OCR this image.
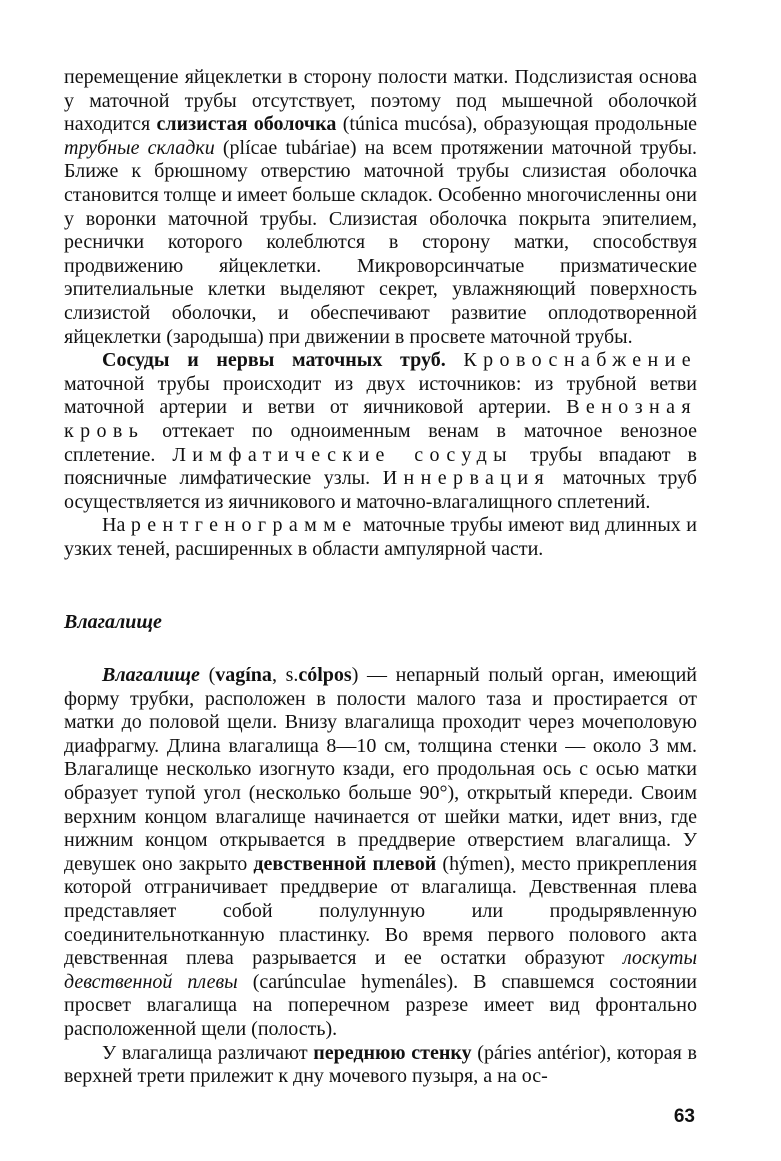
перемещение яйцеклетки в сторону полости матки. Подслизистая основа у маточной трубы отсутствует, поэтому под мышечной оболочкой находится слизистая оболочка (túnica mucósa), образующая продольные трубные складки (plícae tubáriae) на всем протяжении маточной трубы. Ближе к брюшному отверстию маточной трубы слизистая оболочка становится толще и имеет больше складок. Особенно многочисленны они у воронки маточной трубы. Слизистая оболочка покрыта эпителием, реснички которого колеблются в сторону матки, способствуя продвижению яйцеклетки. Микроворсинчатые призматические эпителиальные клетки выделяют секрет, увлажняющий поверхность слизистой оболочки, и обеспечивают развитие оплодотворенной яйцеклетки (зародыша) при движении в просвете маточной трубы.

Сосуды и нервы маточных труб. Кровоснабжение маточной трубы происходит из двух источников: из трубной ветви маточной артерии и ветви от яичниковой артерии. Венозная кровь оттекает по одноименным венам в маточное венозное сплетение. Лимфатические сосуды трубы впадают в поясничные лимфатические узлы. Иннервация маточных труб осуществляется из яичникового и маточно-влагалищного сплетений.

На рентгенограмме маточные трубы имеют вид длинных и узких теней, расширенных в области ампулярной части.

Влагалище

Влагалище (vagína, s.cólpos) — непарный полый орган, имеющий форму трубки, расположен в полости малого таза и простирается от матки до половой щели. Внизу влагалища проходит через мочеполовую диафрагму. Длина влагалища 8—10 см, толщина стенки — около 3 мм. Влагалище несколько изогнуто кзади, его продольная ось с осью матки образует тупой угол (несколько больше 90°), открытый кпереди. Своим верхним концом влагалище начинается от шейки матки, идет вниз, где нижним концом открывается в преддверие отверстием влагалища. У девушек оно закрыто девственной плевой (hýmen), место прикрепления которой отграничивает преддверие от влагалища. Девственная плева представляет собой полулунную или продырявленную соединительнотканную пластинку. Во время первого полового акта девственная плева разрывается и ее остатки образуют лоскуты девственной плевы (carúnculae hymenáles). В спавшемся состоянии просвет влагалища на поперечном разрезе имеет вид фронтально расположенной щели (полость).

У влагалища различают переднюю стенку (páries antérior), которая в верхней трети прилежит к дну мочевого пузыря, а на ос-

63
